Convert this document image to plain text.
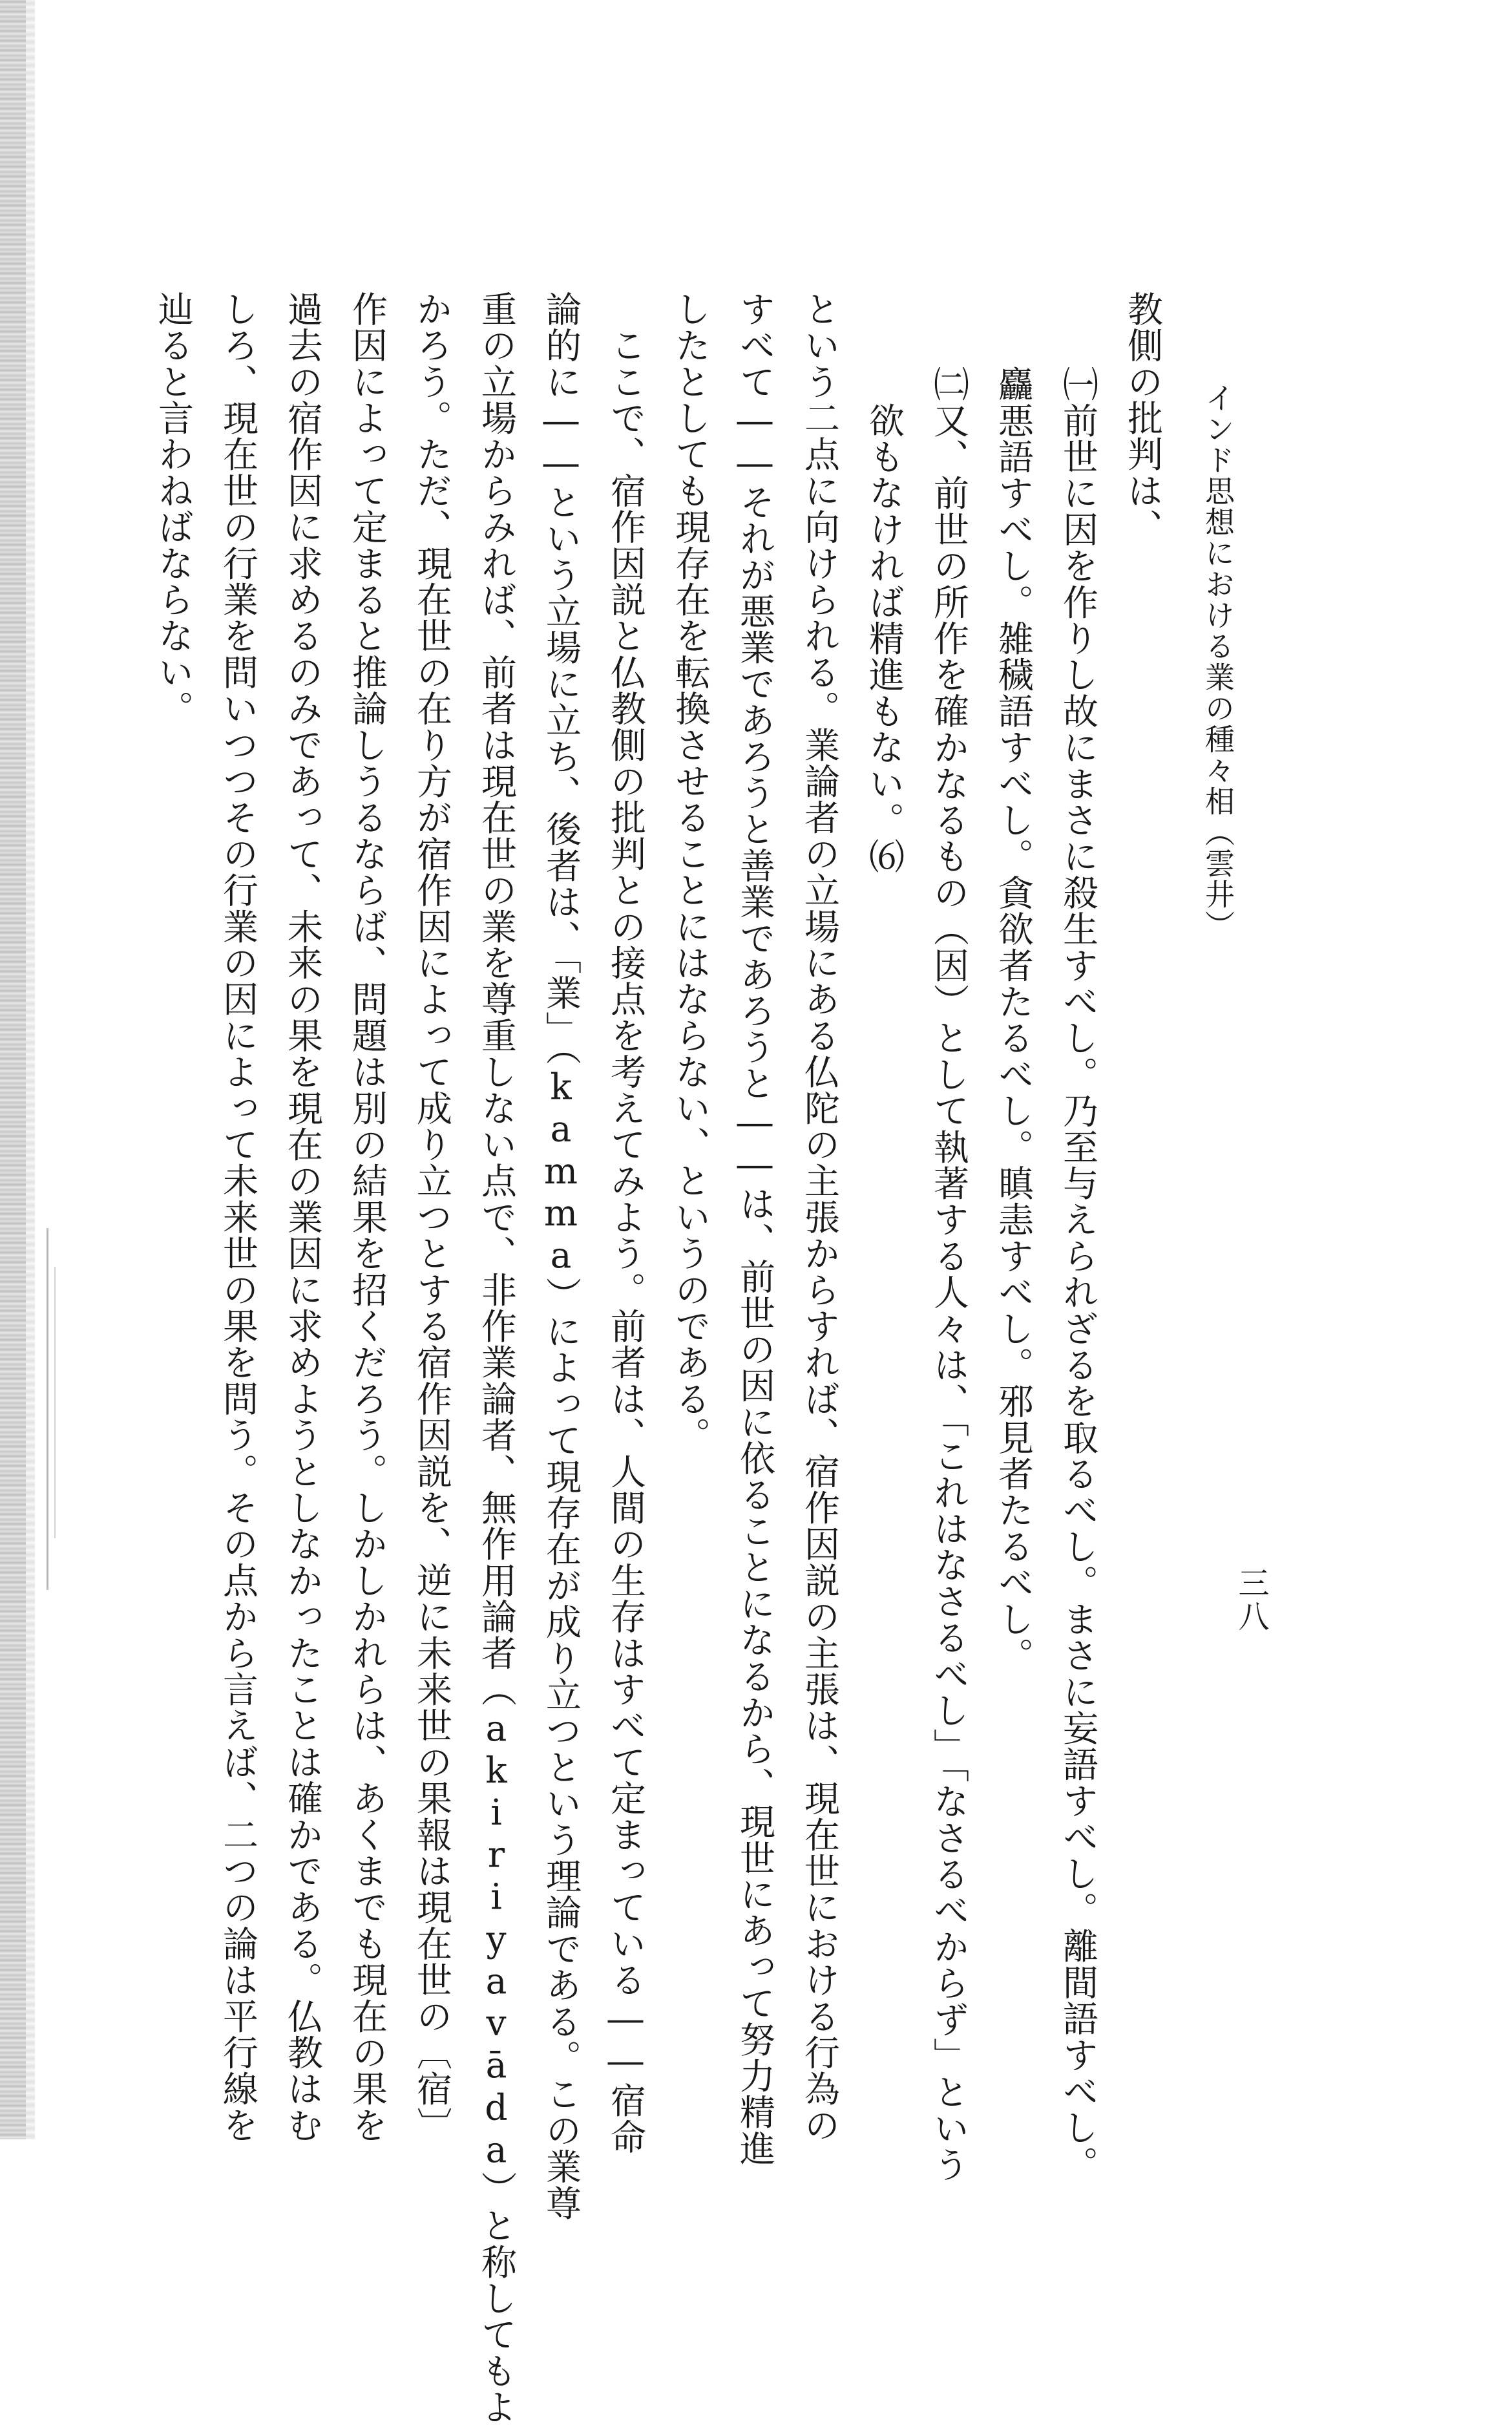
インド思想における業の種々相（雲井）
三八
教側の批判は、
　㈠前世に因を作りし故にまさに殺生すべし。乃至与えられざるを取るべし。まさに妄語すべし。離間語すべし。
　麤悪語すべし。雑穢語すべし。貪欲者たるべし。瞋恚すべし。邪見者たるべし。
　㈡又、前世の所作を確かなるもの（因）として執著する人々は、「これはなさるべし」「なさるべからず」という
　　欲もなければ精進もない。⑹
という二点に向けられる。業論者の立場にある仏陀の主張からすれば、宿作因説の主張は、現在世における行為の
すべて――それが悪業であろうと善業であろうと――は、前世の因に依ることになるから、現世にあって努力精進
したとしても現存在を転換させることにはならない、というのである。
　ここで、宿作因説と仏教側の批判との接点を考えてみよう。前者は、人間の生存はすべて定まっている――宿命
論的に――という立場に立ち、後者は、「業」（kamma）によって現存在が成り立つという理論である。この業尊
重の立場からみれば、前者は現在世の業を尊重しない点で、非作業論者、無作用論者（akiriyavāda）と称してもよ
かろう。ただ、現在世の在り方が宿作因によって成り立つとする宿作因説を、逆に未来世の果報は現在世の〔宿〕
作因によって定まると推論しうるならば、問題は別の結果を招くだろう。しかしかれらは、あくまでも現在の果を
過去の宿作因に求めるのみであって、未来の果を現在の業因に求めようとしなかったことは確かである。仏教はむ
しろ、現在世の行業を問いつつその行業の因によって未来世の果を問う。その点から言えば、二つの論は平行線を
辿ると言わねばならない。
